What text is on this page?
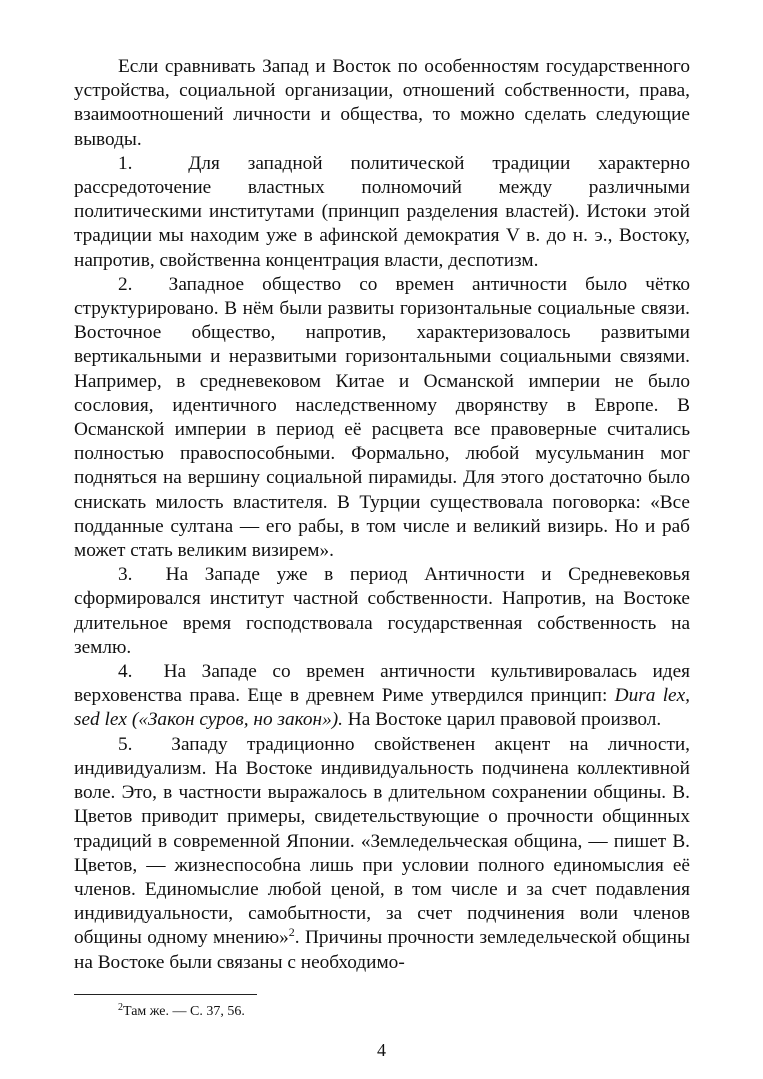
Если сравнивать Запад и Восток по особенностям государственного устройства, социальной организации, отношений собственности, права, взаимоотношений личности и общества, то можно сделать следующие выводы.

1.	Для западной политической традиции характерно рассредоточение властных полномочий между различными политическими институтами (принцип разделения властей). Истоки этой традиции мы находим уже в афинской демократия V в. до н. э., Востоку, напротив, свойственна концентрация власти, деспотизм.

2. Западное общество со времен античности было чётко структурировано. В нём были развиты горизонтальные социальные связи. Восточное общество, напротив, характеризовалось развитыми вертикальными и неразвитыми горизонтальными социальными связями. Например, в средневековом Китае и Османской империи не было сословия, идентичного наследственному дворянству в Европе. В Османской империи в период её расцвета все правоверные считались полностью правоспособными. Формально, любой мусульманин мог подняться на вершину социальной пирамиды. Для этого достаточно было снискать милость властителя. В Турции существовала поговорка: «Все подданные султана — его рабы, в том числе и великий визирь. Но и раб может стать великим визирем».

3. На Западе уже в период Античности и Средневековья сформировался институт частной собственности. Напротив, на Востоке длительное время господствовала государственная собственность на землю.

4. На Западе со времен античности культивировалась идея верховенства права. Еще в древнем Риме утвердился принцип: Dura lex, sed lex («Закон суров, но закон»). На Востоке царил правовой произвол.

5. Западу традиционно свойственен акцент на личности, индивидуализм. На Востоке индивидуальность подчинена коллективной воле. Это, в частности выражалось в длительном сохранении общины. В. Цветов приводит примеры, свидетельствующие о прочности общинных традиций в современной Японии. «Земледельческая община, — пишет В. Цветов, — жизнеспособна лишь при условии полного единомыслия её членов. Единомыслие любой ценой, в том числе и за счет подавления индивидуальности, самобытности, за счет подчинения воли членов общины одному мнению»$^2$. Причины прочности земледельческой общины на Востоке были связаны с необходимо-

$^2$Там же. — С. 37, 56.
4
